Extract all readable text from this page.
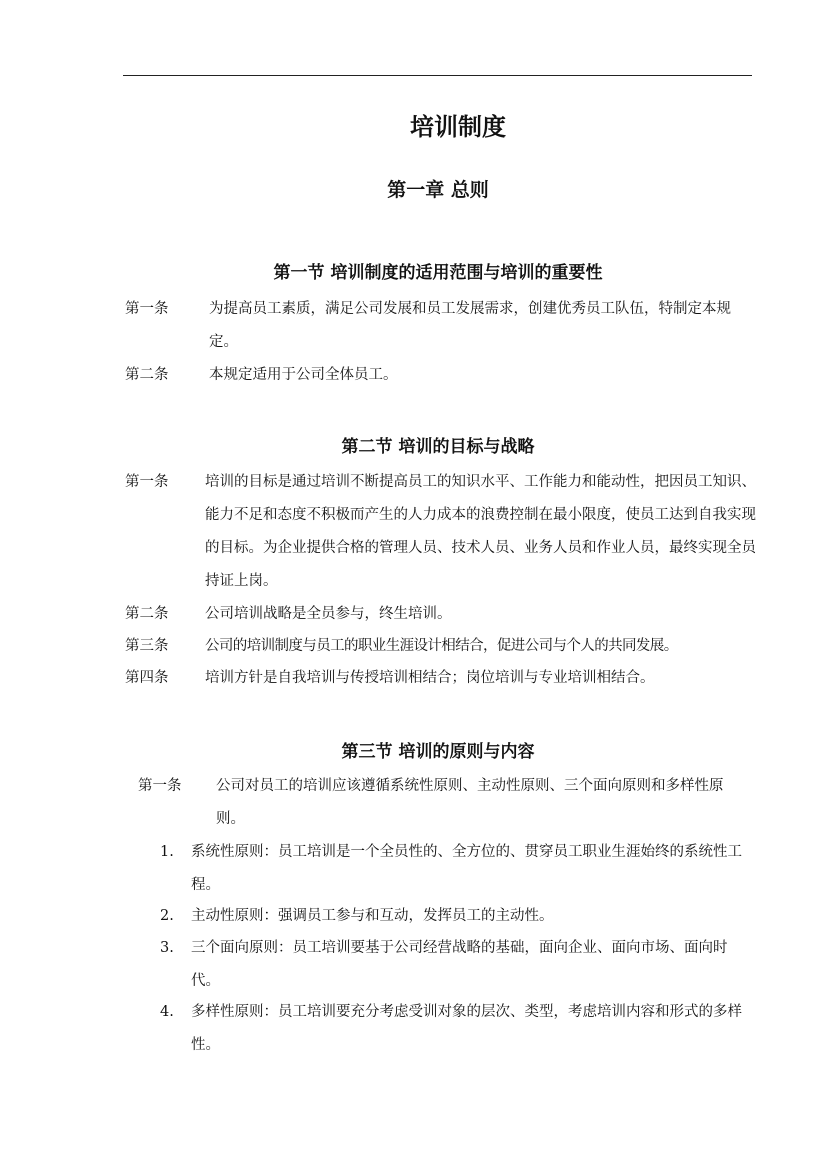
培训制度
第一章 总则
第一节 培训制度的适用范围与培训的重要性
第一条	为提高员工素质，满足公司发展和员工发展需求，创建优秀员工队伍，特制定本规定。
第二条	本规定适用于公司全体员工。
第二节 培训的目标与战略
第一条	培训的目标是通过培训不断提高员工的知识水平、工作能力和能动性，把因员工知识、能力不足和态度不积极而产生的人力成本的浪费控制在最小限度，使员工达到自我实现的目标。为企业提供合格的管理人员、技术人员、业务人员和作业人员，最终实现全员持证上岗。
第二条	公司培训战略是全员参与，终生培训。
第三条	公司的培训制度与员工的职业生涯设计相结合，促进公司与个人的共同发展。
第四条	培训方针是自我培训与传授培训相结合；岗位培训与专业培训相结合。
第三节 培训的原则与内容
第一条 公司对员工的培训应该遵循系统性原则、主动性原则、三个面向原则和多样性原则。
1. 系统性原则：员工培训是一个全员性的、全方位的、贯穿员工职业生涯始终的系统性工程。
2. 主动性原则：强调员工参与和互动，发挥员工的主动性。
3. 三个面向原则：员工培训要基于公司经营战略的基础，面向企业、面向市场、面向时代。
4. 多样性原则：员工培训要充分考虑受训对象的层次、类型，考虑培训内容和形式的多样性。
